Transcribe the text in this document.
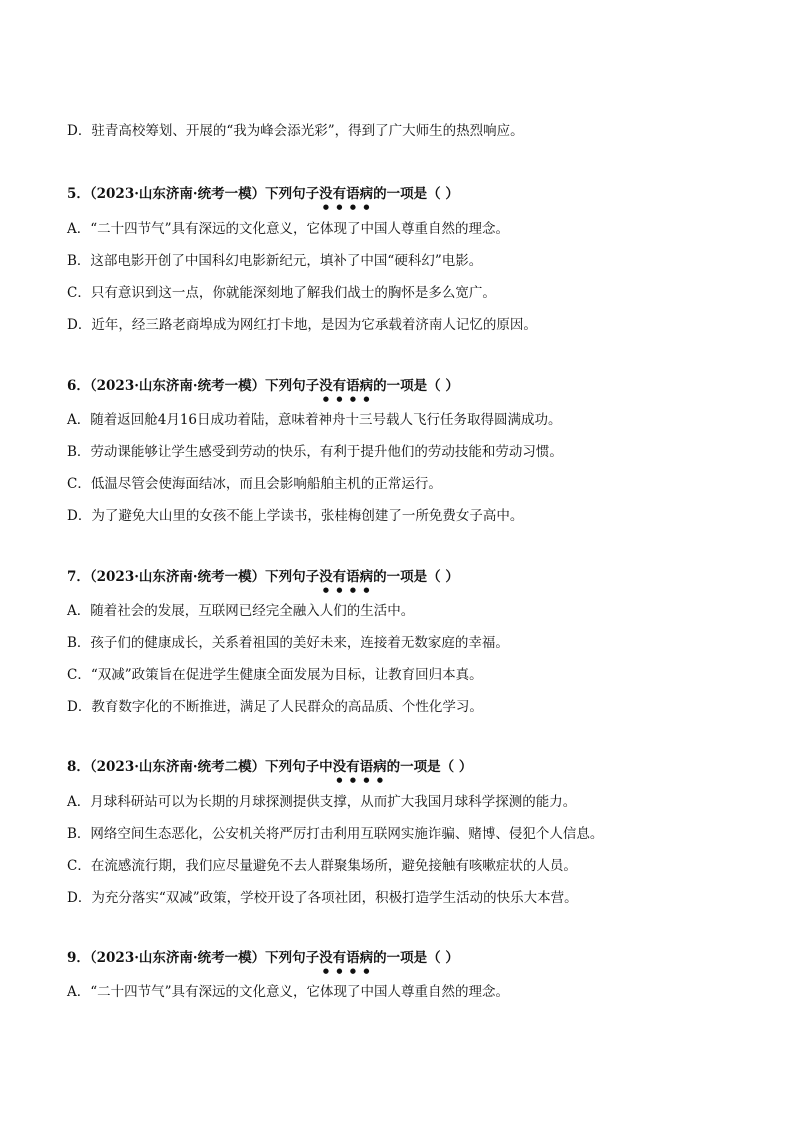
D．驻青高校筹划、开展的“我为峰会添光彩”，得到了广大师生的热烈响应。
5．（2023·山东济南·统考一模）下列句子没有语病的一项是（ ）
A．“二十四节气”具有深远的文化意义，它体现了中国人尊重自然的理念。
B．这部电影开创了中国科幻电影新纪元，填补了中国“硬科幻”电影。
C．只有意识到这一点，你就能深刻地了解我们战士的胸怀是多么宽广。
D．近年，经三路老商埠成为网红打卡地，是因为它承载着济南人记忆的原因。
6．（2023·山东济南·统考一模）下列句子没有语病的一项是（ ）
A．随着返回舱4月16日成功着陆，意味着神舟十三号载人飞行任务取得圆满成功。
B．劳动课能够让学生感受到劳动的快乐，有利于提升他们的劳动技能和劳动习惯。
C．低温尽管会使海面结冰，而且会影响船舶主机的正常运行。
D．为了避免大山里的女孩不能上学读书，张桂梅创建了一所免费女子高中。
7．（2023·山东济南·统考一模）下列句子没有语病的一项是（ ）
A．随着社会的发展，互联网已经完全融入人们的生活中。
B．孩子们的健康成长，关系着祖国的美好未来，连接着无数家庭的幸福。
C．“双减”政策旨在促进学生健康全面发展为目标，让教育回归本真。
D．教育数字化的不断推进，满足了人民群众的高品质、个性化学习。
8．（2023·山东济南·统考二模）下列句子中没有语病的一项是（ ）
A．月球科研站可以为长期的月球探测提供支撑，从而扩大我国月球科学探测的能力。
B．网络空间生态恶化，公安机关将严厉打击利用互联网实施诈骗、赌博、侵犯个人信息。
C．在流感流行期，我们应尽量避免不去人群聚集场所，避免接触有咳嗽症状的人员。
D．为充分落实“双减”政策，学校开设了各项社团，积极打造学生活动的快乐大本营。
9．（2023·山东济南·统考一模）下列句子没有语病的一项是（ ）
A．“二十四节气”具有深远的文化意义，它体现了中国人尊重自然的理念。
